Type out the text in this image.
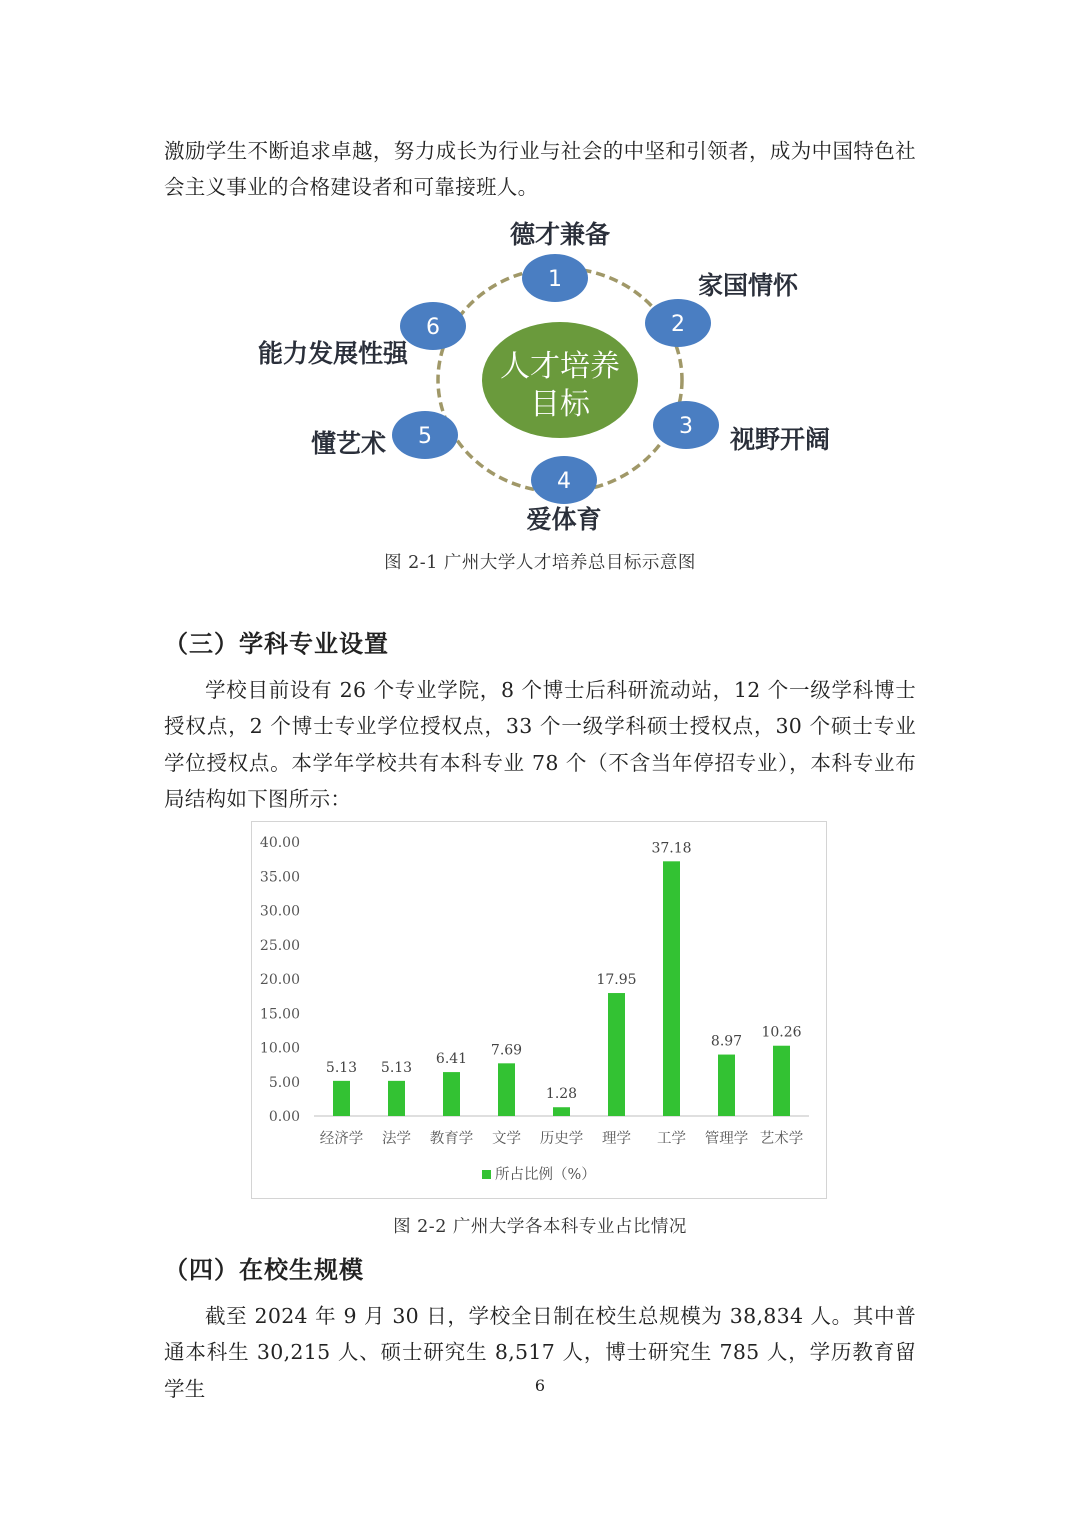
激励学生不断追求卓越，努力成长为行业与社会的中坚和引领者，成为中国特色社会主义事业的合格建设者和可靠接班人。

人才培养
目标
1
德才兼备
2
家国情怀
3 视野开阔
4
爱体育
5
懂艺术
6
能力发展性强
图 2-1 广州大学人才培养总目标示意图
（三）学科专业设置

学校目前设有 26 个专业学院，8 个博士后科研流动站，12 个一级学科博士授权点，2 个博士专业学位授权点，33 个一级学科硕士授权点，30 个硕士专业学位授权点。本学年学校共有本科专业 78 个（不含当年停招专业），本科专业布局结构如下图所示：

0.00
5.00
10.00
15.00
20.00
25.00
30.00
35.00
40.00
5.13
经济学
5.13
法学
6.41
教育学
7.69
文学
1.28
历史学
17.95
理学
37.18
工学
8.97
管理学
10.26
艺术学
所占比例（%）
图 2-2 广州大学各本科专业占比情况
（四）在校生规模

截至 2024 年 9 月 30 日，学校全日制在校生总规模为 38,834 人。其中普通本科生 30,215 人、硕士研究生 8,517 人，博士研究生 785 人，学历教育留学生	6
